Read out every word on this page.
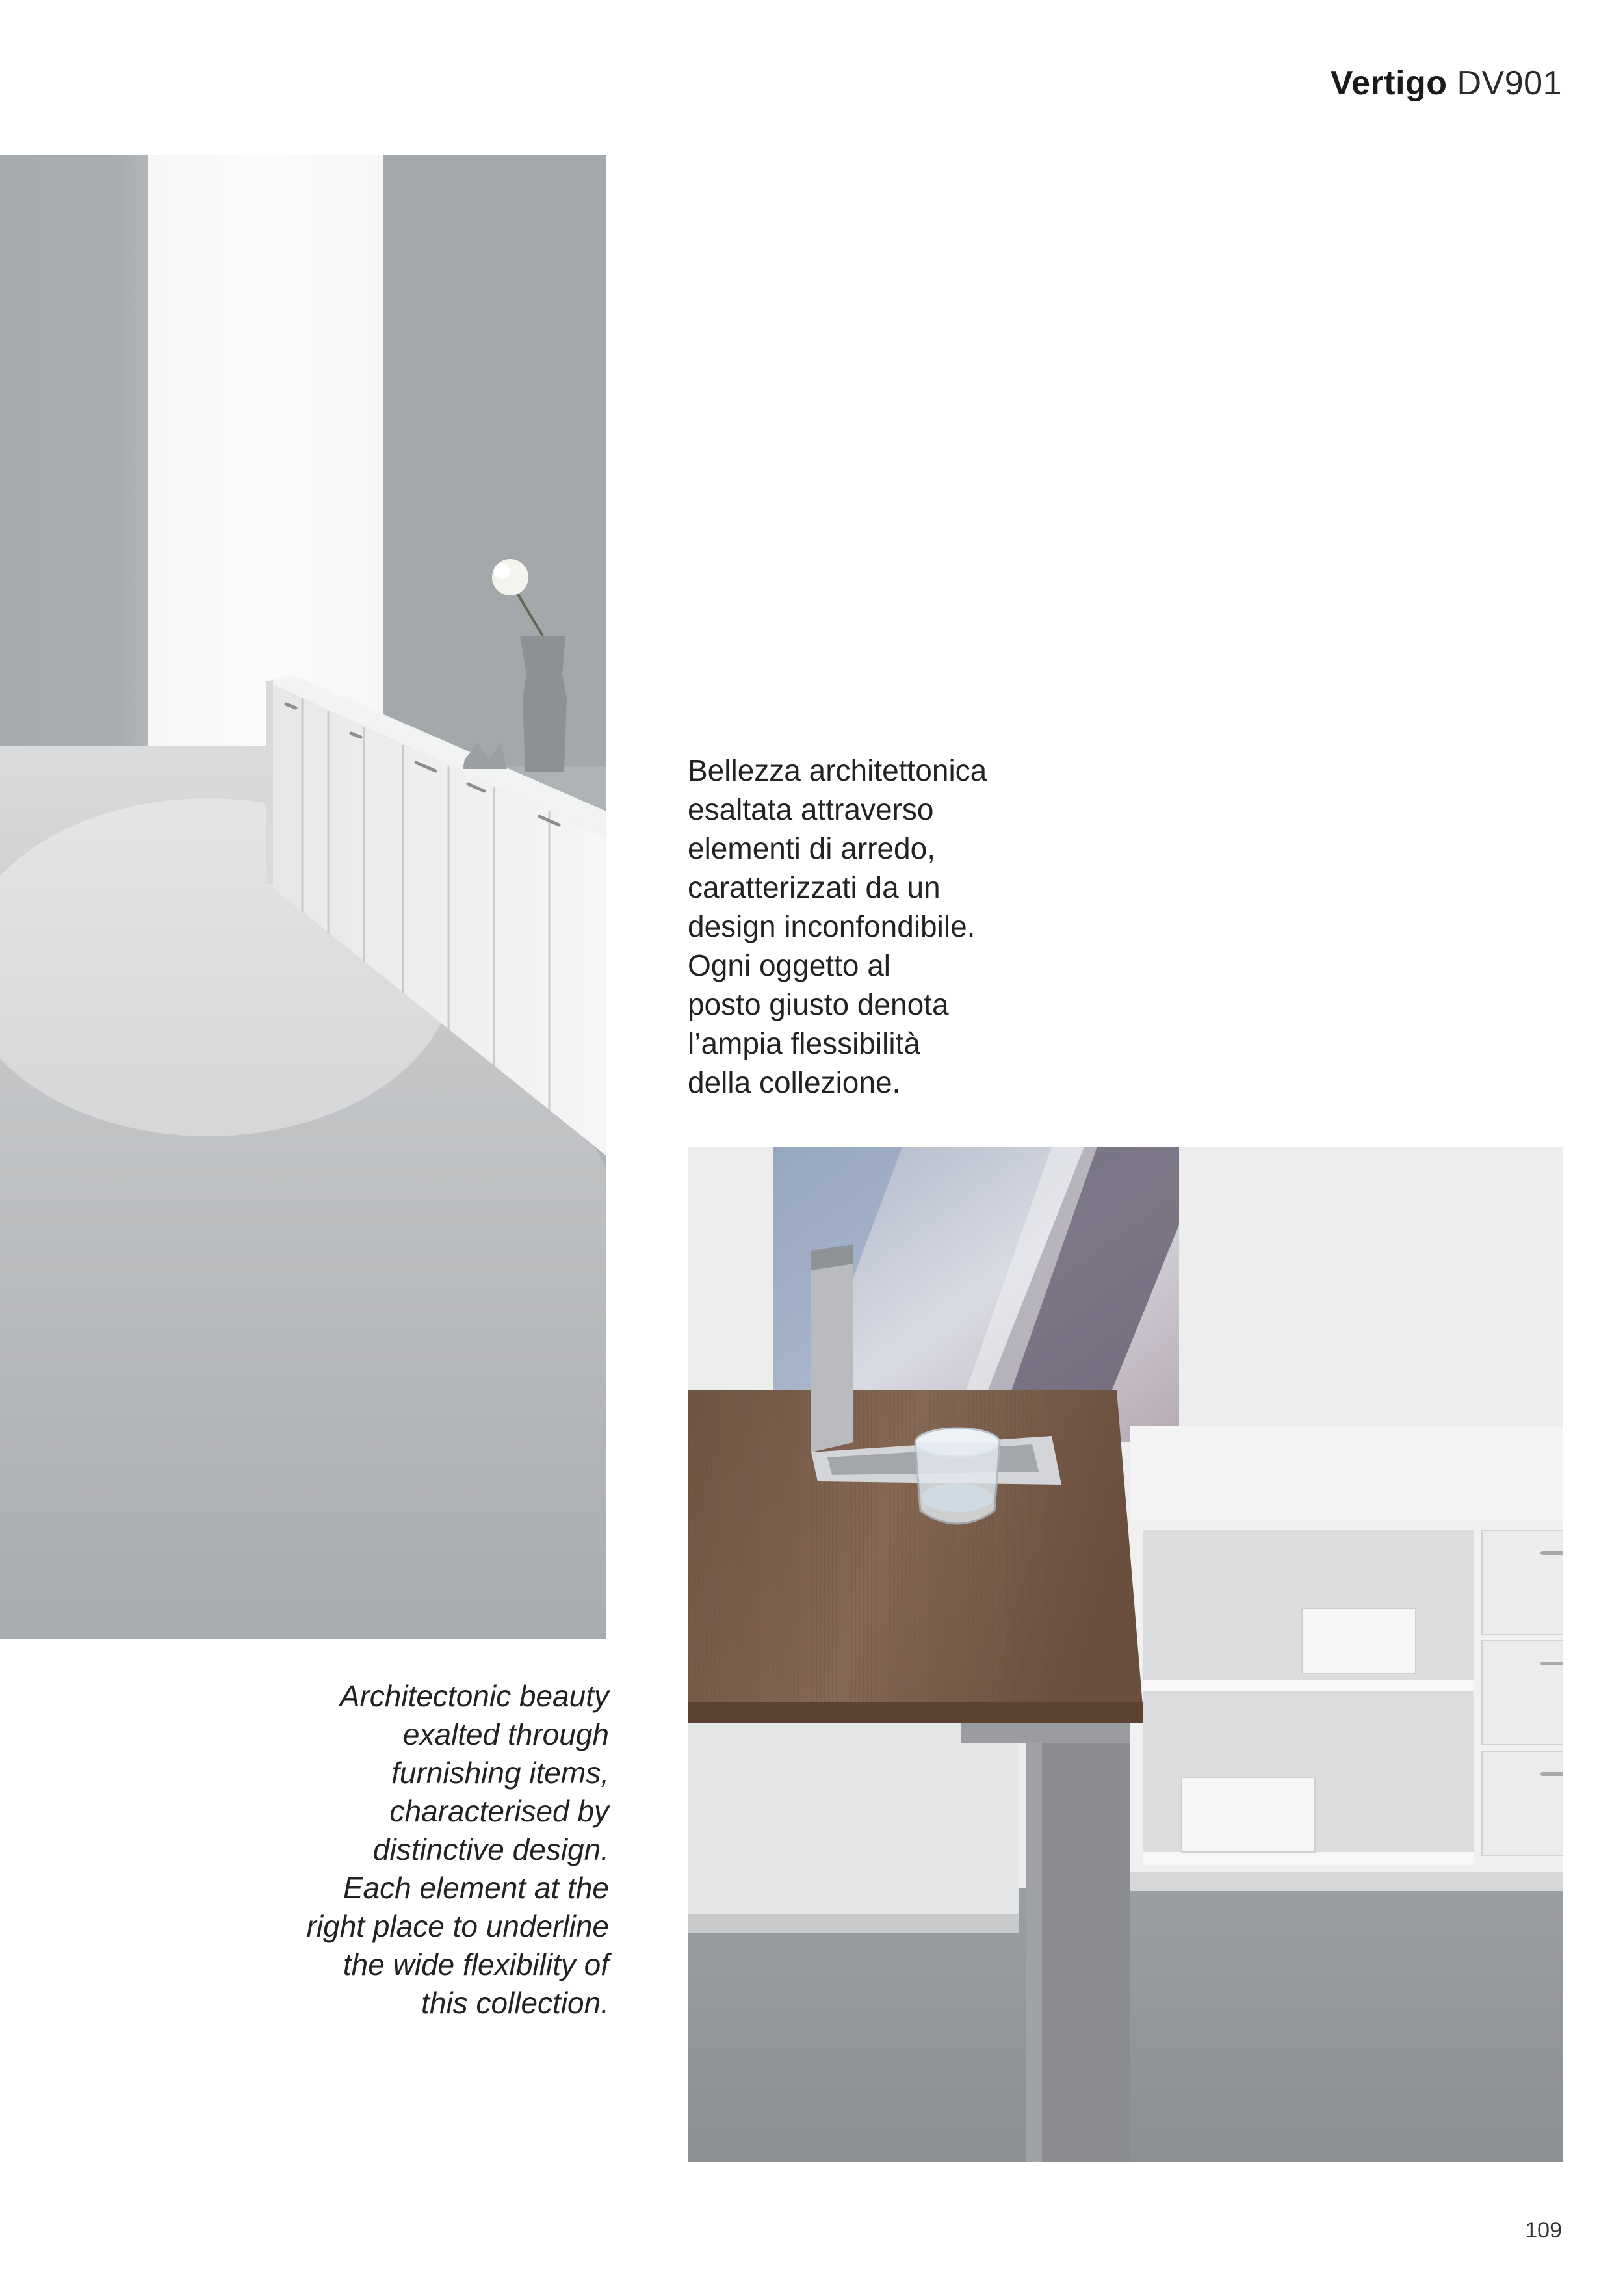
Vertigo DV901

Bellezza architettonica

esaltata attraverso

elementi di arredo,

caratterizzati da un

design inconfondibile.

Ogni oggetto al

posto giusto denota

l’ampia flessibilità

della collezione.

Architectonic beauty

exalted through

furnishing items,

characterised by

distinctive design.

Each element at the

right place to underline

the wide flexibility of

this collection.

109
